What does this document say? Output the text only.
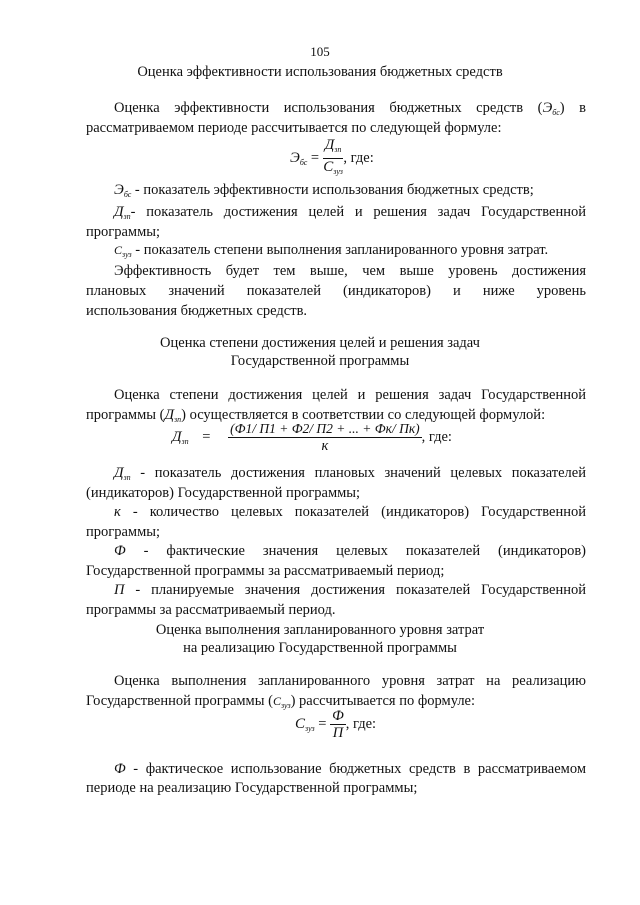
105
Оценка эффективности использования бюджетных средств
Оценка эффективности использования бюджетных средств $(Э_{бс})$ в
рассматриваемом периоде рассчитывается по следующей формуле:
$Э_{бс} = \frac{Д_{зп}}{С_{зуз}}$ , где:
$Э_{бс}$ - показатель эффективности использования бюджетных средств;
$Д_{зп}-$ показатель достижения целей и решения задач Государственной
программы;
$С_{зуз}$ - показатель степени выполнения запланированного уровня затрат.
Эффективность будет тем выше, чем выше уровень достижения
плановых значений показателей (индикаторов) и ниже уровень
использования бюджетных средств.
Оценка степени достижения целей и решения задач
Государственной программы
Оценка степени достижения целей и решения задач Государственной
программы $(Д_{зп})$ осуществляется в соответствии со следующей формулой:
$Д_{зп} = \frac{(Ф1/ П1 + Ф2/ П2 + ... + Фк/ Пк)}{к}$ , где:
$Д_{зп}$ - показатель достижения плановых значений целевых показателей
(индикаторов) Государственной программы;
к - количество целевых показателей (индикаторов) Государственной
программы;
Ф - фактические значения целевых показателей (индикаторов)
Государственной программы за рассматриваемый период;
П - планируемые значения достижения показателей Государственной
программы за рассматриваемый период.
Оценка выполнения запланированного уровня затрат
на реализацию Государственной программы
Оценка выполнения запланированного уровня затрат на реализацию
Государственной программы $(С_{зуз})$ рассчитывается по формуле:
$С_{зуз} = \frac{Ф}{П}$ , где:
Ф - фактическое использование бюджетных средств в рассматриваемом
периоде на реализацию Государственной программы;
